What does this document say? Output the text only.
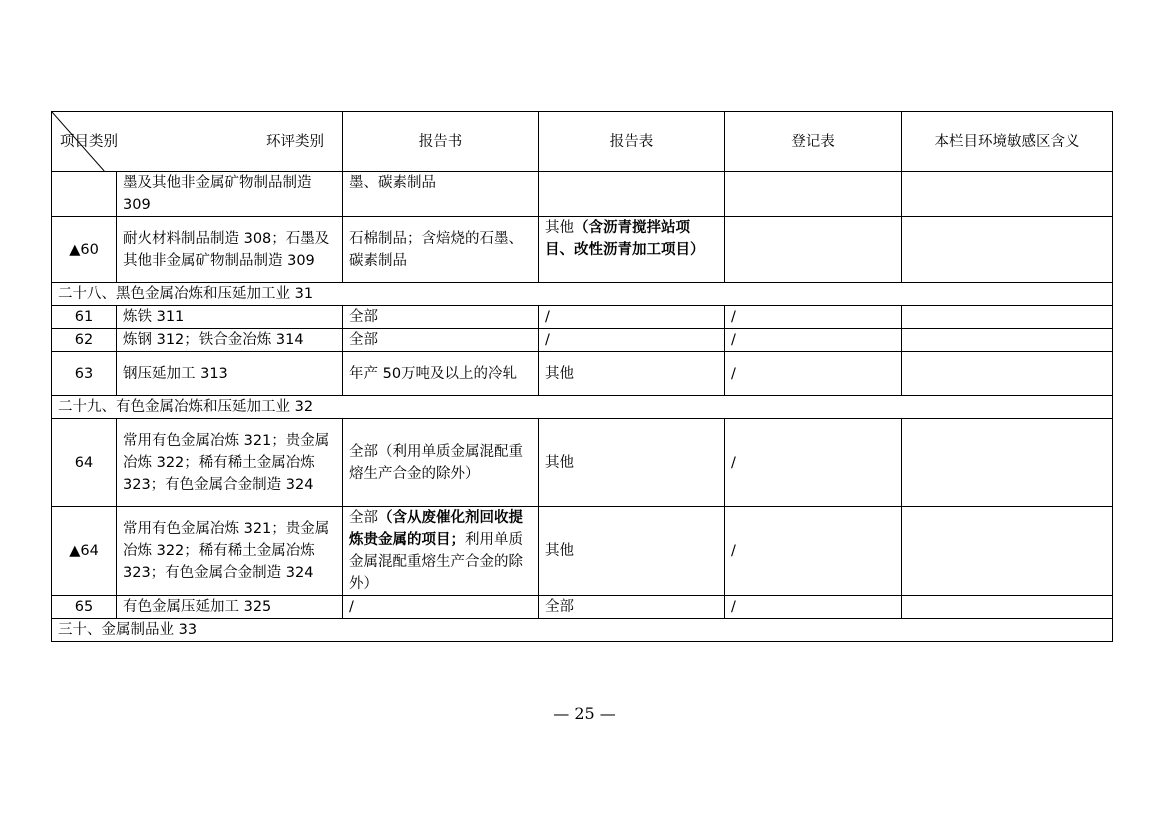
项目类别 环评类别		报告书	报告表	登记表	本栏目环境敏感区含义
	墨及其他非金属矿物制品制造 309	墨、碳素制品			
▲60	耐火材料制品制造 308；石墨及其他非金属矿物制品制造 309	石棉制品；含焙烧的石墨、碳素制品	其他（含沥青搅拌站项目、改性沥青加工项目）		
二十八、黑色金属冶炼和压延加工业 31					
61	炼铁 311	全部	/	/	
62	炼钢 312；铁合金冶炼 314	全部	/	/	
63	钢压延加工 313	年产 50万吨及以上的冷轧	其他	/	
二十九、有色金属冶炼和压延加工业 32					
64	常用有色金属冶炼 321；贵金属冶炼 322；稀有稀土金属冶炼 323；有色金属合金制造 324	全部（利用单质金属混配重熔生产合金的除外）	其他	/	
▲64	常用有色金属冶炼 321；贵金属冶炼 322；稀有稀土金属冶炼 323；有色金属合金制造 324	全部（含从废催化剂回收提炼贵金属的项目；利用单质金属混配重熔生产合金的除外）	其他	/	
65	有色金属压延加工 325	/	全部	/	
三十、金属制品业 33					
— 25 —
